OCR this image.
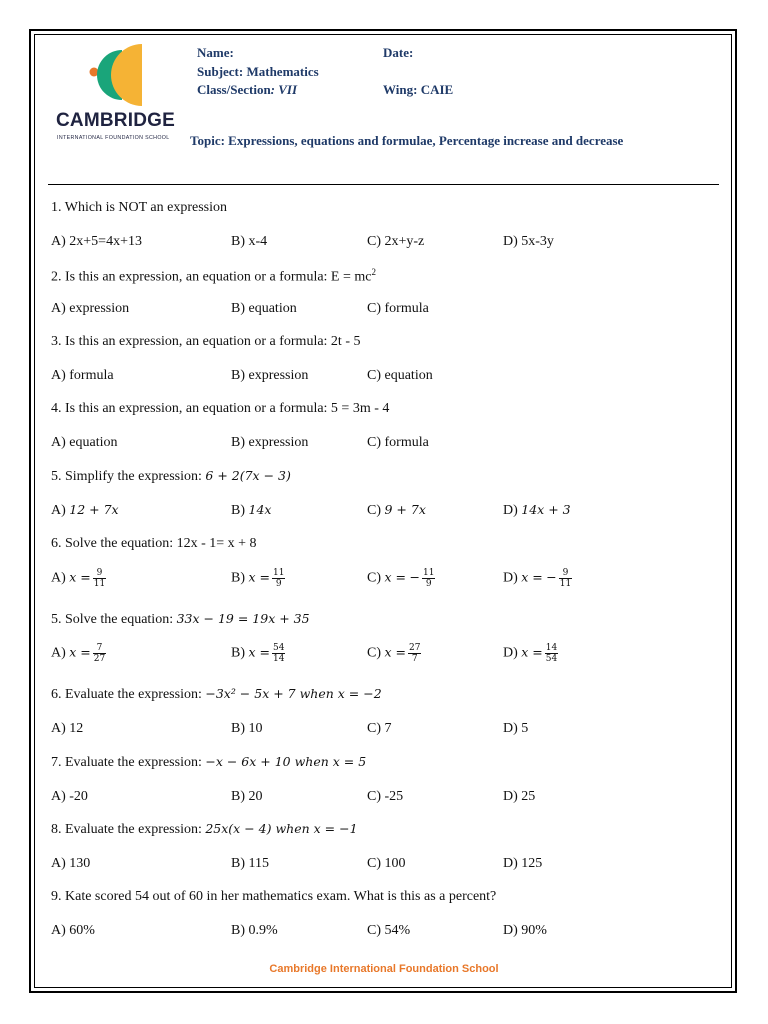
CAMBRIDGE
INTERNATIONAL FOUNDATION SCHOOL
Name:	Date:
Subject: Mathematics
Class/Section: VII	Wing: CAIE
Topic: Expressions, equations and formulae, Percentage increase and decrease
1. Which is NOT an expression
A) 2x+5=4x+13	B) x-4	C) 2x+y-z	D) 5x-3y
2. Is this an expression, an equation or a formula: $E = mc^2$
A) expression	B) equation	C) formula
3. Is this an expression, an equation or a formula: 2t - 5
A) formula	B) expression	C) equation
4. Is this an expression, an equation or a formula: 5 = 3m - 4
A) equation	B) expression	C) formula
5. Simplify the expression: 6 + 2(7x − 3)
A) 12 + 7x	B) 14x	C) 9 + 7x	D) 14x + 3
6. Solve the equation: 12x - 1= x + 8
A) $x = \frac{9}{11}$	B) $x = \frac{11}{9}$	C) x = − $\frac{11}{9}$	D) x = − $\frac{9}{11}$
5. Solve the equation: 33x − 19 = 19x + 35
A) $x = \frac{7}{27}$	B) $x = \frac{54}{14}$	C) $x = \frac{27}{7}$	D) $x = \frac{14}{54}$
6. Evaluate the expression: −3x² − 5x + 7 when x = −2
A) 12	B) 10	C) 7	D) 5
7. Evaluate the expression: −x − 6x + 10 when x = 5
A) -20	B) 20	C) -25	D) 25
8. Evaluate the expression: 25x(x − 4) when x = −1
A) 130	B) 115	C) 100	D) 125
9. Kate scored 54 out of 60 in her mathematics exam. What is this as a percent?
A) 60%	B) 0.9%	C) 54%	D) 90%
Cambridge International Foundation School
